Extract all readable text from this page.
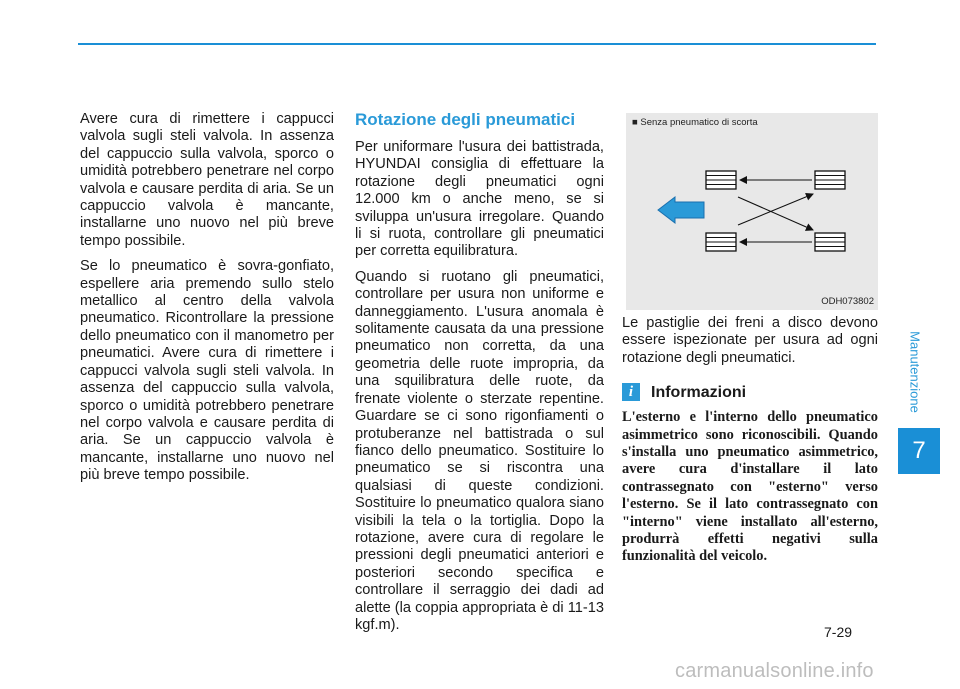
Avere cura di rimettere i cappucci valvola sugli steli valvola. In assenza del cappuccio sulla valvola, sporco o umidità potrebbero penetrare nel corpo valvola e causare perdita di aria. Se un cappuccio valvola è mancante, installarne uno nuovo nel più breve tempo possibile.

Se lo pneumatico è sovra-gonfiato, espellere aria premendo sullo stelo metallico al centro della valvola pneumatico. Ricontrollare la pressione dello pneumatico con il manometro per pneumatici. Avere cura di rimettere i cappucci valvola sugli steli valvola. In assenza del cappuccio sulla valvola, sporco o umidità potrebbero penetrare nel corpo valvola e causare perdita di aria. Se un cappuccio valvola è mancante, installarne uno nuovo nel più breve tempo possibile.

Rotazione degli pneumatici

Per uniformare l'usura dei battistrada, HYUNDAI consiglia di effettuare la rotazione degli pneumatici ogni 12.000 km o anche meno, se si sviluppa un'usura irregolare. Quando li si ruota, controllare gli pneumatici per corretta equilibratura.

Quando si ruotano gli pneumatici, controllare per usura non uniforme e danneggiamento. L'usura anomala è solitamente causata da una pressione pneumatico non corretta, da una geometria delle ruote impropria, da una squilibratura delle ruote, da frenate violente o sterzate repentine. Guardare se ci sono rigonfiamenti o protuberanze nel battistrada o sul fianco dello pneumatico. Sostituire lo pneumatico se si riscontra una qualsiasi di queste condizioni. Sostituire lo pneumatico qualora siano visibili la tela o la tortiglia. Dopo la rotazione, avere cura di regolare le pressioni degli pneumatici anteriori e posteriori secondo specifica e controllare il serraggio dei dadi ad alette (la coppia appropriata è di 11-13 kgf.m).

■ Senza pneumatico di scorta
ODH073802

Le pastiglie dei freni a disco devono essere ispezionate per usura ad ogni rotazione degli pneumatici.

i	Informazioni

L'esterno e l'interno dello pneumatico asimmetrico sono riconoscibili. Quando s'installa uno pneumatico asimmetrico, avere cura d'installare il lato contrassegnato con "esterno" verso l'esterno. Se il lato contrassegnato con "interno" viene installato all'esterno, produrrà effetti negativi sulla funzionalità del veicolo.

Manutenzione
7
7-29
carmanualsonline.info
